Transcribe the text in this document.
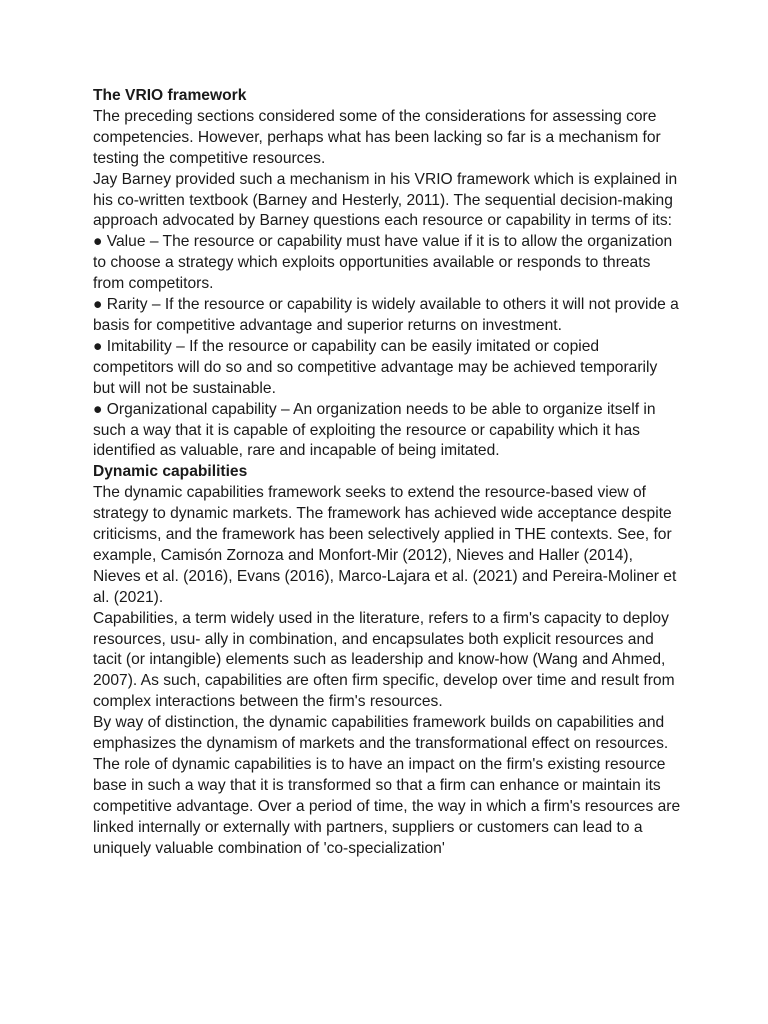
The VRIO framework

The preceding sections considered some of the considerations for assessing core competencies. However, perhaps what has been lacking so far is a mechanism for testing the competitive resources.

Jay Barney provided such a mechanism in his VRIO framework which is explained in his co-written textbook (Barney and Hesterly, 2011). The sequential decision-making approach advocated by Barney questions each resource or capability in terms of its:

● Value – The resource or capability must have value if it is to allow the organization to choose a strategy which exploits opportunities available or responds to threats from competitors.

● Rarity – If the resource or capability is widely available to others it will not provide a basis for competitive advantage and superior returns on investment.

● Imitability – If the resource or capability can be easily imitated or copied competitors will do so and so competitive advantage may be achieved temporarily but will not be sustainable.

● Organizational capability – An organization needs to be able to organize itself in such a way that it is capable of exploiting the resource or capability which it has identified as valuable, rare and incapable of being imitated.

Dynamic capabilities

The dynamic capabilities framework seeks to extend the resource-based view of strategy to dynamic markets. The framework has achieved wide acceptance despite criticisms, and the framework has been selectively applied in THE contexts. See, for example, Camisón Zornoza and Monfort-Mir (2012), Nieves and Haller (2014), Nieves et al. (2016), Evans (2016), Marco-Lajara et al. (2021) and Pereira-Moliner et al. (2021).

Capabilities, a term widely used in the literature, refers to a firm's capacity to deploy resources, usu- ally in combination, and encapsulates both explicit resources and tacit (or intangible) elements such as leadership and know-how (Wang and Ahmed, 2007). As such, capabilities are often firm specific, develop over time and result from complex interactions between the firm's resources.

By way of distinction, the dynamic capabilities framework builds on capabilities and emphasizes the dynamism of markets and the transformational effect on resources.

The role of dynamic capabilities is to have an impact on the firm's existing resource base in such a way that it is transformed so that a firm can enhance or maintain its competitive advantage. Over a period of time, the way in which a firm's resources are linked internally or externally with partners, suppliers or customers can lead to a uniquely valuable combination of 'co-specialization'
